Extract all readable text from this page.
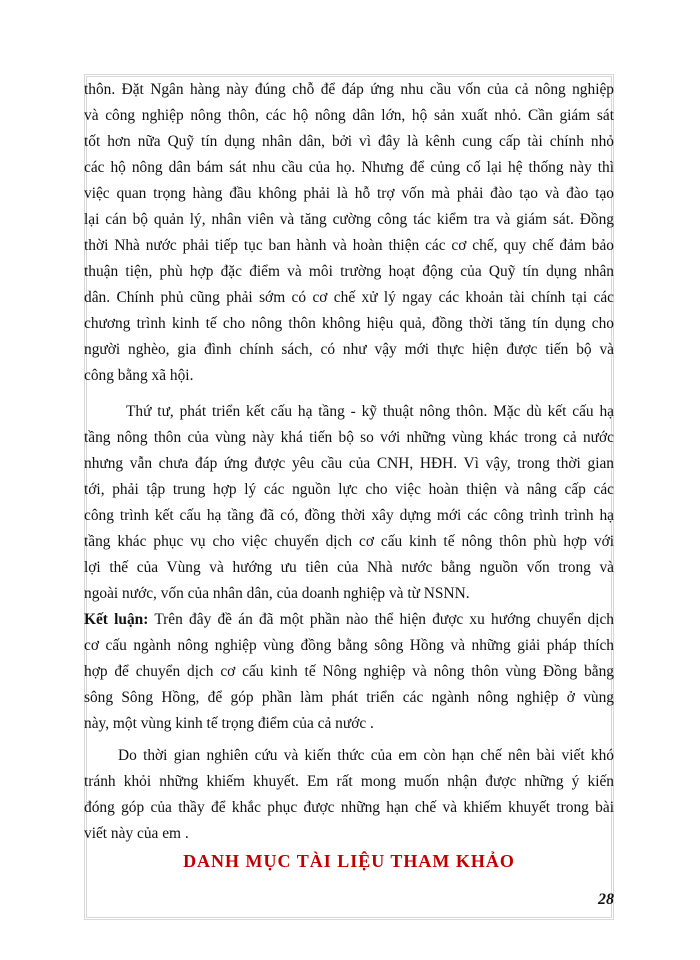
thôn. Đặt Ngân hàng này đúng chỗ để đáp ứng nhu cầu vốn của cả nông nghiệp
và công nghiệp nông thôn, các hộ nông dân lớn, hộ sản xuất nhỏ. Cần giám sát
tốt hơn nữa Quỹ tín dụng nhân dân, bởi vì đây là kênh cung cấp tài chính nhỏ
các hộ nông dân bám sát nhu cầu của họ. Nhưng để củng cố lại hệ thống này thì
việc quan trọng hàng đầu không phải là hỗ trợ vốn mà phải đào tạo và đào tạo
lại cán bộ quản lý, nhân viên và tăng cường công tác kiểm tra và giám sát. Đồng
thời Nhà nước phải tiếp tục ban hành và hoàn thiện các cơ chế, quy chế đảm bảo
thuận tiện, phù hợp đặc điểm và môi trường hoạt động của Quỹ tín dụng nhân
dân. Chính phủ cũng phải sớm có cơ chế xử lý ngay các khoản tài chính tại các
chương trình kinh tế cho nông thôn không hiệu quả, đồng thời tăng tín dụng cho
người nghèo, gia đình chính sách, có như vậy mới thực hiện được tiến bộ và
công bằng xã hội.
Thứ tư, phát triển kết cấu hạ tầng - kỹ thuật nông thôn. Mặc dù kết cấu hạ
tầng nông thôn của vùng này khá tiến bộ so với những vùng khác trong cả nước
nhưng vẫn chưa đáp ứng được yêu cầu của CNH, HĐH. Vì vậy, trong thời gian
tới, phải tập trung hợp lý các nguồn lực cho việc hoàn thiện và nâng cấp các
công trình kết cấu hạ tầng đã có, đồng thời xây dựng mới các công trình trình hạ
tầng khác phục vụ cho việc chuyển dịch cơ cấu kinh tế nông thôn phù hợp với
lợi thế của Vùng và hướng ưu tiên của Nhà nước bằng nguồn vốn trong và
ngoài nước, vốn của nhân dân, của doanh nghiệp và từ NSNN.
Kết luận: Trên đây đề án đã một phần nào thể hiện được xu hướng chuyển dịch
cơ cấu ngành nông nghiệp vùng đồng bằng sông Hồng và những giải pháp thích
hợp để chuyển dịch cơ cấu kinh tế Nông nghiệp và nông thôn vùng Đồng bằng
sông Sông Hồng, để góp phần làm phát triển các ngành nông nghiệp ở vùng
này, một vùng kinh tế trọng điểm của cả nước .
Do thời gian nghiên cứu và kiến thức của em còn hạn chế nên bài viết khó
tránh khỏi những khiếm khuyết. Em rất mong muốn nhận được những ý kiến
đóng góp của thầy để khắc phục được những hạn chế và khiếm khuyết trong bài
viết này của em .
DANH MỤC TÀI LIỆU THAM KHẢO
28
